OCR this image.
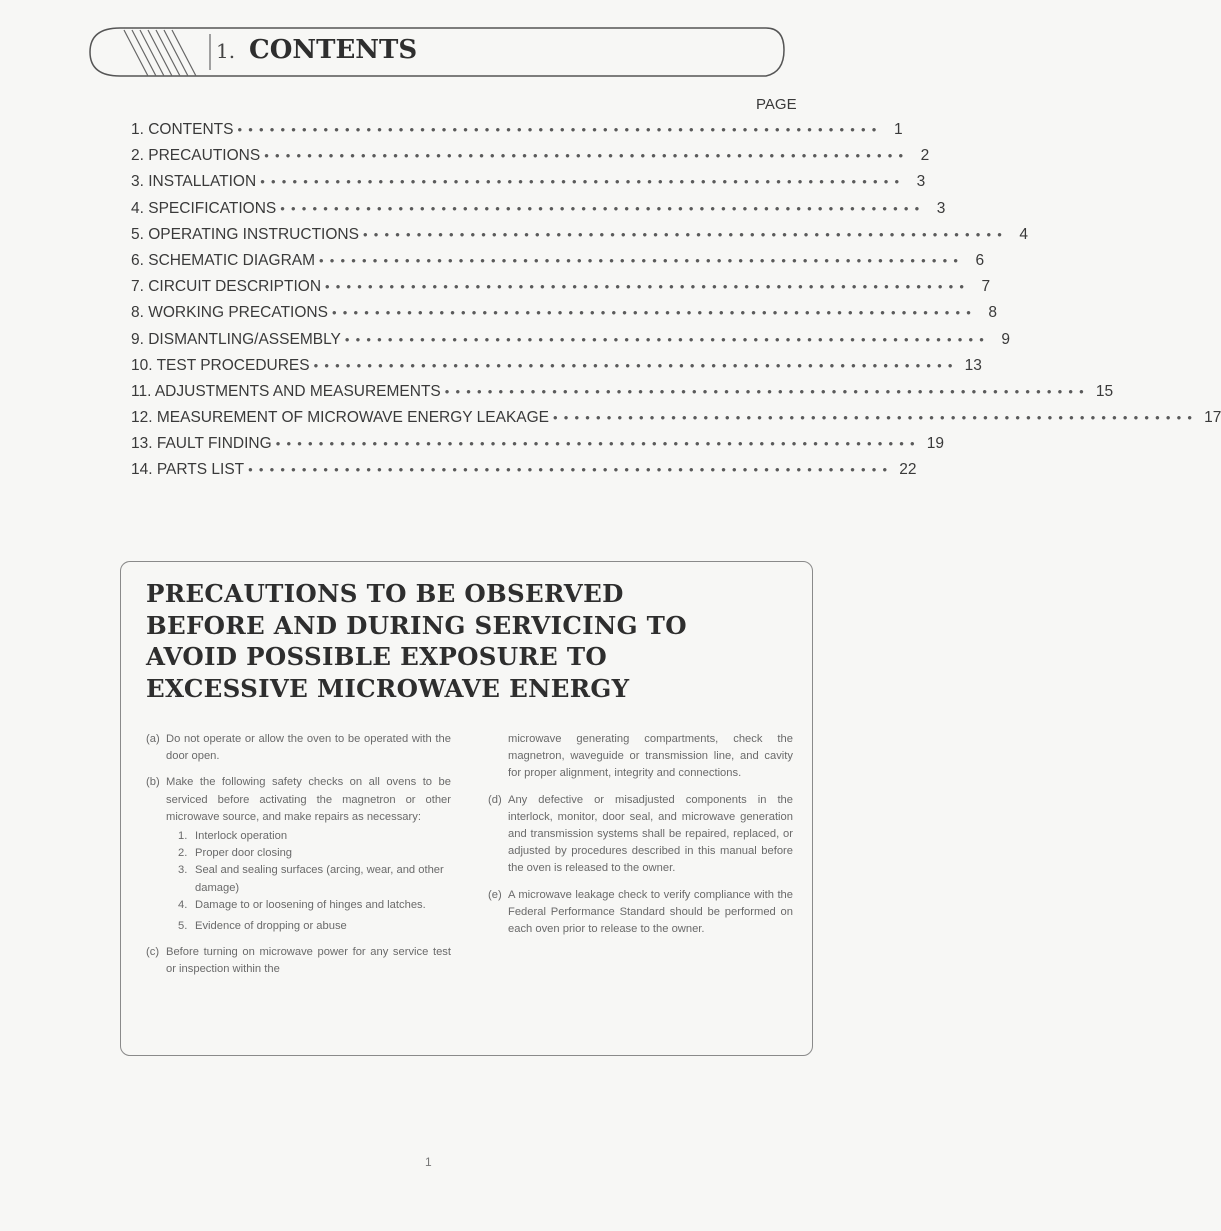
1. CONTENTS
PAGE
1. CONTENTS •••••••••••••••••••••••••••••••••••••••••••••••••••••••••••• 1
2. PRECAUTIONS •••••••••••••••••••••••••••••••••••••••••••••••••••••••••••• 2
3. INSTALLATION •••••••••••••••••••••••••••••••••••••••••••••••••••••••••••• 3
4. SPECIFICATIONS •••••••••••••••••••••••••••••••••••••••••••••••••••••••••••• 3
5. OPERATING INSTRUCTIONS •••••••••••••••••••••••••••••••••••••••••••••••••••••••••••• 4
6. SCHEMATIC DIAGRAM •••••••••••••••••••••••••••••••••••••••••••••••••••••••••••• 6
7. CIRCUIT DESCRIPTION •••••••••••••••••••••••••••••••••••••••••••••••••••••••••••• 7
8. WORKING PRECATIONS •••••••••••••••••••••••••••••••••••••••••••••••••••••••••••• 8
9. DISMANTLING/ASSEMBLY •••••••••••••••••••••••••••••••••••••••••••••••••••••••••••• 9
10. TEST PROCEDURES •••••••••••••••••••••••••••••••••••••••••••••••••••••••••••• 13
11. ADJUSTMENTS AND MEASUREMENTS •••••••••••••••••••••••••••••••••••••••••••••••••••••••••••• 15
12. MEASUREMENT OF MICROWAVE ENERGY LEAKAGE •••••••••••••••••••••••••••••••••••••••••••••••••••••••••••• 17
13. FAULT FINDING •••••••••••••••••••••••••••••••••••••••••••••••••••••••••••• 19
14. PARTS LIST •••••••••••••••••••••••••••••••••••••••••••••••••••••••••••• 22
PRECAUTIONS TO BE OBSERVED
BEFORE AND DURING SERVICING TO
AVOID POSSIBLE EXPOSURE TO
EXCESSIVE MICROWAVE ENERGY
(a) Do not operate or allow the oven to be operated with the door open.
(b) Make the following safety checks on all ovens to be serviced before activating the magnetron or other microwave source, and make repairs as necessary:
1. Interlock operation
2. Proper door closing
3. Seal and sealing surfaces (arcing, wear, and other damage)
4. Damage to or loosening of hinges and latches.
5. Evidence of dropping or abuse
(c) Before turning on microwave power for any service test or inspection within the
microwave generating compartments, check the magnetron, waveguide or transmission line, and cavity for proper alignment, integrity and connections.
(d) Any defective or misadjusted components in the interlock, monitor, door seal, and microwave generation and transmission systems shall be repaired, replaced, or adjusted by procedures described in this manual before the oven is released to the owner.
(e) A microwave leakage check to verify compliance with the Federal Performance Standard should be performed on each oven prior to release to the owner.
1
